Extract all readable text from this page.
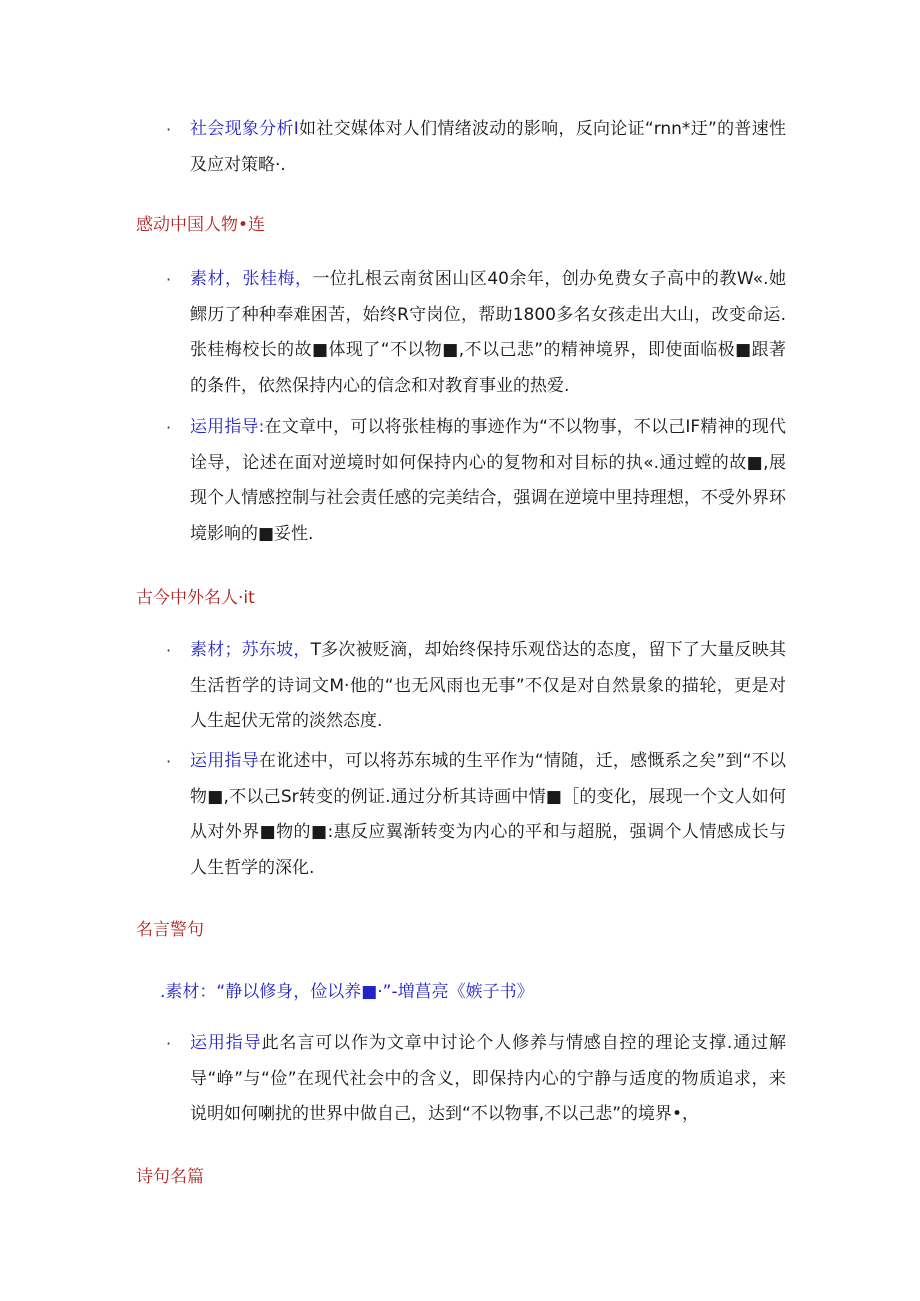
· 社会现象分析I如社交媒体对人们情绪波动的影响，反向论证“rnn*迂”的普速性及应对策略·.
感动中国人物•连
· 素材，张桂梅，一位扎根云南贫困山区40余年，创办免费女子高中的教W«.她鳏历了种种奉难困苦，始终R守岗位，帮助1800多名女孩走出大山，改变命运.张桂梅校长的故■体现了“不以物■,不以己悲”的精神境界，即使面临极■跟著的条件，依然保持内心的信念和对教育事业的热爱.
· 运用指导:在文章中，可以将张桂梅的事迹作为“不以物事，不以己IF精神的现代诠导，论述在面对逆境时如何保持内心的复物和对目标的执«.通过螳的故■,展现个人情感控制与社会责任感的完美结合，强调在逆境中里持理想，不受外界环境影响的■妥性.
古今中外名人·it
· 素材；苏东坡，T多次被贬滴，却始终保持乐观岱达的态度，留下了大量反映其生活哲学的诗词文M·他的“也无风雨也无事”不仅是对自然景象的描轮，更是对人生起伏无常的淡然态度.
· 运用指导在讹述中，可以将苏东城的生平作为“情随，迁，感慨系之矣”到“不以物■,不以己Sr转变的例证.通过分析其诗画中情■［的变化，展现一个文人如何从对外界■物的■:惠反应翼渐转变为内心的平和与超脱，强调个人情感成长与人生哲学的深化.
名言警句
.素材：“静以修身，俭以养■·”-増菖亮《嫉子书》
· 运用指导此名言可以作为文章中讨论个人修养与情感自控的理论支撑.通过解导“峥”与“俭”在现代社会中的含义，即保持内心的宁静与适度的物质追求，来说明如何喇扰的世界中做自己，达到“不以物事,不以己悲”的境界•，
诗句名篇
